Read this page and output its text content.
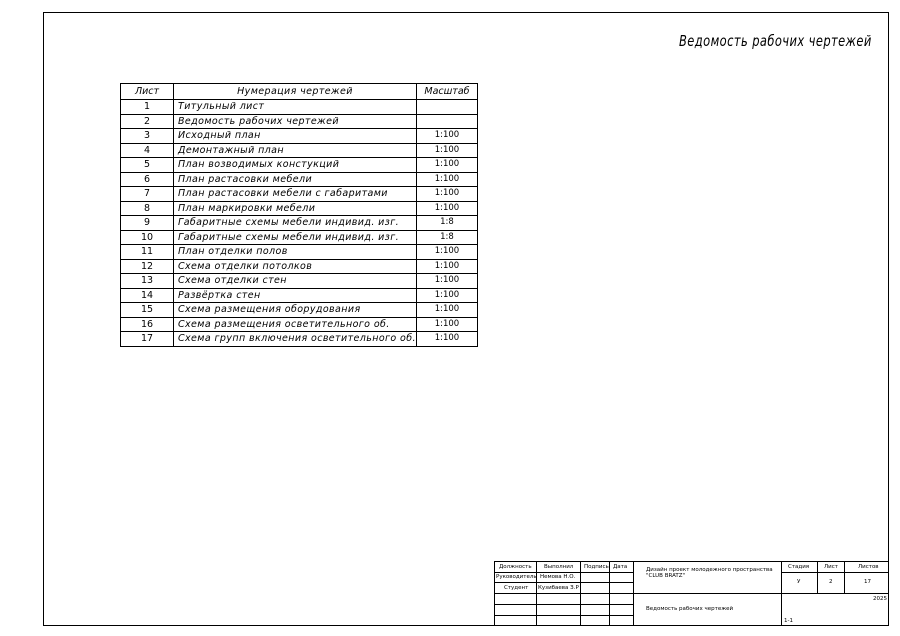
Ведомость рабочих чертежей
Лист	Нумерация чертежей	Масштаб
1	Титульный лист	
2	Ведомость рабочих чертежей	
3	Исходный план	1:100
4	Демонтажный план	1:100
5	План возводимых констукций	1:100
6	План растасовки мебели	1:100
7	План растасовки мебели с габаритами	1:100
8	План маркировки мебели	1:100
9	Габаритные схемы мебели индивид. изг.	1:8
10	Габаритные схемы мебели индивид. изг.	1:8
11	План отделки полов	1:100
12	Схема отделки потолков	1:100
13	Схема отделки стен	1:100
14	Развёртка стен	1:100
15	Схема размещения оборудования	1:100
16	Схема размещения осветительного об.	1:100
17	Схема групп включения осветительного об.	1:100
Должность Выполнил Подпись Дата
Руководитель Немова Н.О.
Студент Кузибаева З.Р
Дизайн проект молодежного пространства
"CLUB BRATZ"
Ведомость рабочих чертежей
Стадия	Лист	Листов
У	2	17
2025
1-1
